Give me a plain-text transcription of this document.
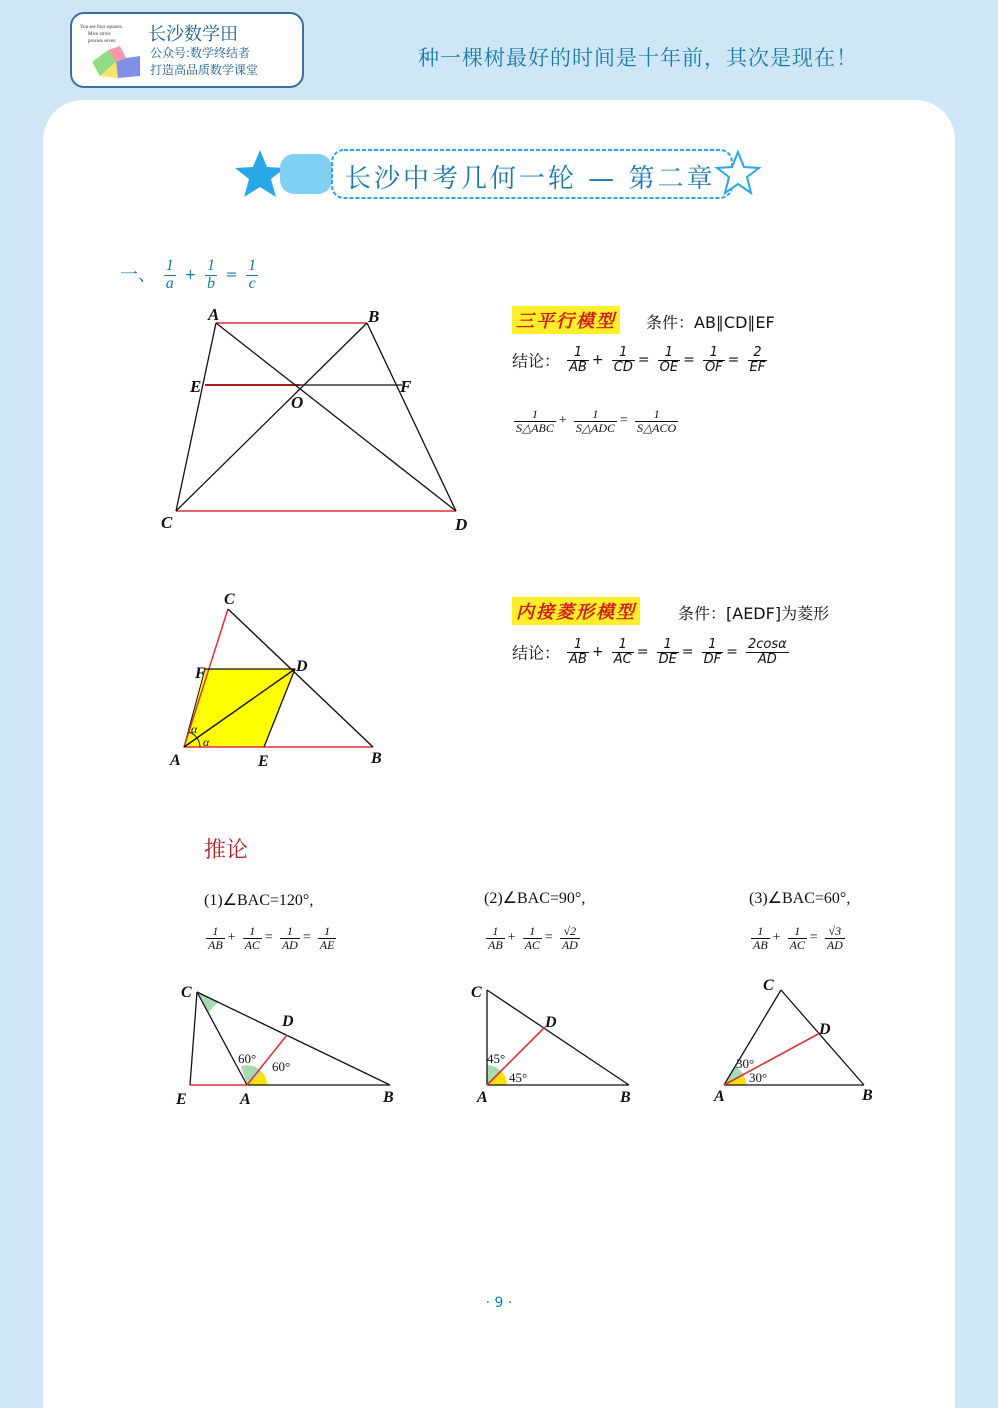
You see four squares.
Mice strive
process seven 长沙数学田
公众号:数学终结者
打造高品质数学课堂	种一棵树最好的时间是十年前，其次是现在！
长沙中考几何一轮 — 第二章
一、 $\frac{1}{a} + \frac{1}{b} = \frac{1}{c}$
A	B
E	F
O
C	D
三平行模型 条件：AB∥CD∥EF
结论： $\frac{1}{AB} + \frac{1}{CD} = \frac{1}{OE} = \frac{1}{OF} = \frac{2}{EF}$
$\frac{1}{\text{S△ABC}} + \frac{1}{\text{S△ADC}} = \frac{1}{\text{S△ACO}}$
C
F	D
A	E	B
α
α
内接菱形模型	条件：[AEDF]为菱形
结论： $\frac{1}{AB} + \frac{1}{AC} = \frac{1}{DE} = \frac{1}{DF} = \frac{2\cos\alpha}{AD}$
推论
(1)∠BAC=120°,
$\frac{1}{AB} + \frac{1}{AC} = \frac{1}{AD} = \frac{1}{AE}$
C
D
E	A	B
60°
60°
(2)∠BAC=90°,
$\frac{1}{AB} + \frac{1}{AC} = \frac{√2}{AD}$
C
D
A	B
45°
45°
(3)∠BAC=60°,
$\frac{1}{AB} + \frac{1}{AC} = \frac{√3}{AD}$
C
D
A	B
30°
30°
· 9 ·
